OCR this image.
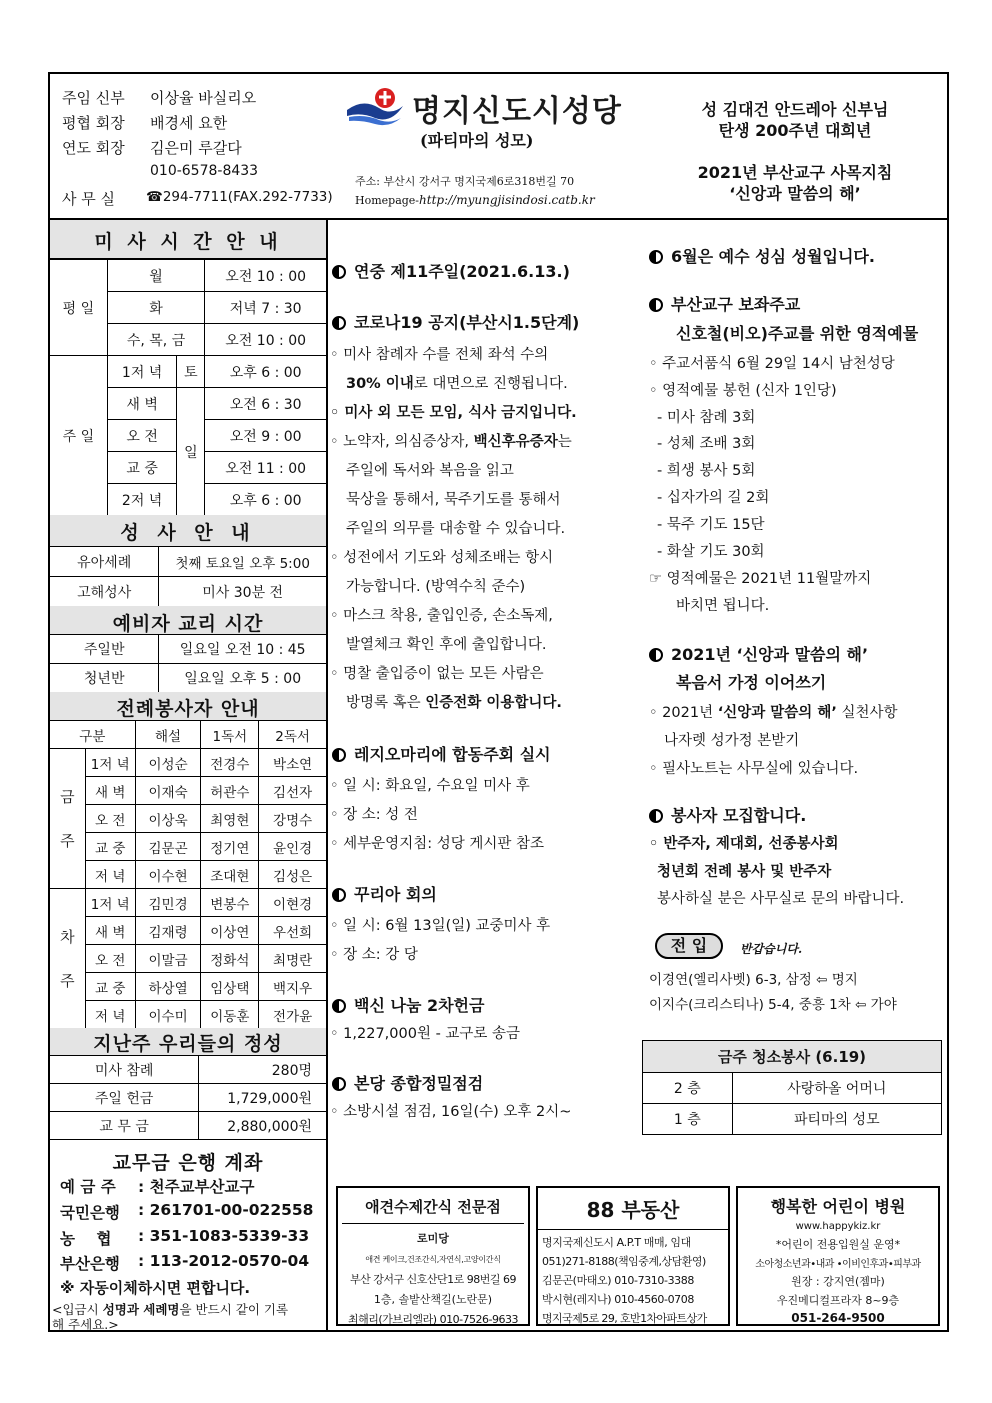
주임 신부 이상율 바실리오
평협 회장 배경세 요한
연도 회장 김은미 루갈다
010-6578-8433
사 무 실 ☎294-7711(FAX.292-7733)
명지신도시성당
(파티마의 성모)
주소: 부산시 강서구 명지국제6로318번길 70
Homepage-http://myungjisindosi.catb.kr
성 김대건 안드레아 신부님
탄생 200주년 대희년
2021년 부산교구 사목지침
‘신앙과 말씀의 해’
미 사 시 간 안 내
평 일	월		오전 10 : 00
	화		저녁 7 : 30
	수, 목, 금		오전 10 : 00
주 일	1저 녁	토	오후 6 : 00
	새 벽	일	오전 6 : 30
	오 전		오전 9 : 00
	교 중		오전 11 : 00
	2저 녁		오후 6 : 00
성 사 안 내
유아세례	첫째 토요일 오후 5:00
고해성사	미사 30분 전
예비자 교리 시간
주일반	일요일 오전 10 : 45
청년반	일요일 오후 5 : 00
전례봉사자 안내
구분		해설	1독서	2독서
금주	1저 녁	이성순	전경수	박소연
	새 벽	이재숙	허관수	김선자
	오 전	이상욱	최영현	강명수
	교 중	김문곤	정기연	윤인경
	저 녁	이수현	조대현	김성은
차주	1저 녁	김민경	변봉수	이현경
	새 벽	김재령	이상연	우선희
	오 전	이말금	정화석	최명란
	교 중	하상열	임상택	백지우
	저 녁	이수미	이동훈	전가윤
지난주 우리들의 정성
미사 참례	280명
주일 헌금	1,729,000원
교 무 금	2,880,000원
교무금 은행 계좌
예 금 주 : 천주교부산교구
국민은행 : 261701-00-022558
농    협 : 351-1083-5339-33
부산은행 : 113-2012-0570-04
※ 자동이체하시면 편합니다.
<입금시 성명과 세례명을 반드시 같이 기록
해 주세요.>
연중 제11주일(2021.6.13.)
코로나19 공지(부산시1.5단계)
◦ 미사 참례자 수를 전체 좌석 수의
30% 이내로 대면으로 진행됩니다.
◦ 미사 외 모든 모임, 식사 금지입니다.
◦ 노약자, 의심증상자, 백신후유증자는
주일에 독서와 복음을 읽고
묵상을 통해서, 묵주기도를 통해서
주일의 의무를 대송할 수 있습니다.
◦ 성전에서 기도와 성체조배는 항시
가능합니다. (방역수칙 준수)
◦ 마스크 착용, 출입인증, 손소독제,
발열체크 확인 후에 출입합니다.
◦ 명찰 출입증이 없는 모든 사람은
방명록 혹은 인증전화 이용합니다.
레지오마리에 합동주회 실시
◦ 일 시: 화요일, 수요일 미사 후
◦ 장 소: 성 전
◦ 세부운영지침: 성당 게시판 참조
꾸리아 회의
◦ 일 시: 6월 13일(일) 교중미사 후
◦ 장 소: 강 당
백신 나눔 2차헌금
◦ 1,227,000원 - 교구로 송금
본당 종합정밀점검
◦ 소방시설 점검, 16일(수) 오후 2시~
6월은 예수 성심 성월입니다.
부산교구 보좌주교
신호철(비오)주교를 위한 영적예물
◦ 주교서품식 6월 29일 14시 남천성당
◦ 영적예물 봉헌 (신자 1인당)
- 미사 참례 3회
- 성체 조배 3회
- 희생 봉사 5회
- 십자가의 길 2회
- 묵주 기도 15단
- 화살 기도 30회
☞ 영적예물은 2021년 11월말까지
바치면 됩니다.
2021년 ‘신앙과 말씀의 해’
복음서 가정 이어쓰기
◦ 2021년 ‘신앙과 말씀의 해’ 실천사항
나자렛 성가정 본받기
◦ 필사노트는 사무실에 있습니다.
봉사자 모집합니다.
◦ 반주자, 제대회, 선종봉사회
청년회 전례 봉사 및 반주자
봉사하실 분은 사무실로 문의 바랍니다.
전 입	반갑습니다.
이경연(엘리사벳) 6-3, 삼정 ⇦ 명지
이지수(크리스티나) 5-4, 중흥 1차 ⇦ 가야
금주 청소봉사 (6.19)	
2 층	사랑하올 어머니
1 층	파티마의 성모
애견수제간식 전문점
로미당
애견 케이크,건조간식,자연식,고양이간식
부산 강서구 신호산단1로 98번길 69
1층, 솔밭산책길(노란문)
최해리(가브리엘라) 010-7526-9633
88 부동산
명지국제신도시 A.P.T 매매, 임대
051)271-8188(책임중계,상담환영)
김문곤(마태오) 010-7310-3388
박시현(레지나) 010-4560-0708
명지국제5로 29, 호반1차아파트상가
행복한 어린이 병원
www.happykiz.kr
*어린이 전용입원실 운영*
소아청소년과•내과 •이비인후과•피부과
원장 : 강지연(젬마)
우진메디컬프라자 8~9층
051-264-9500
